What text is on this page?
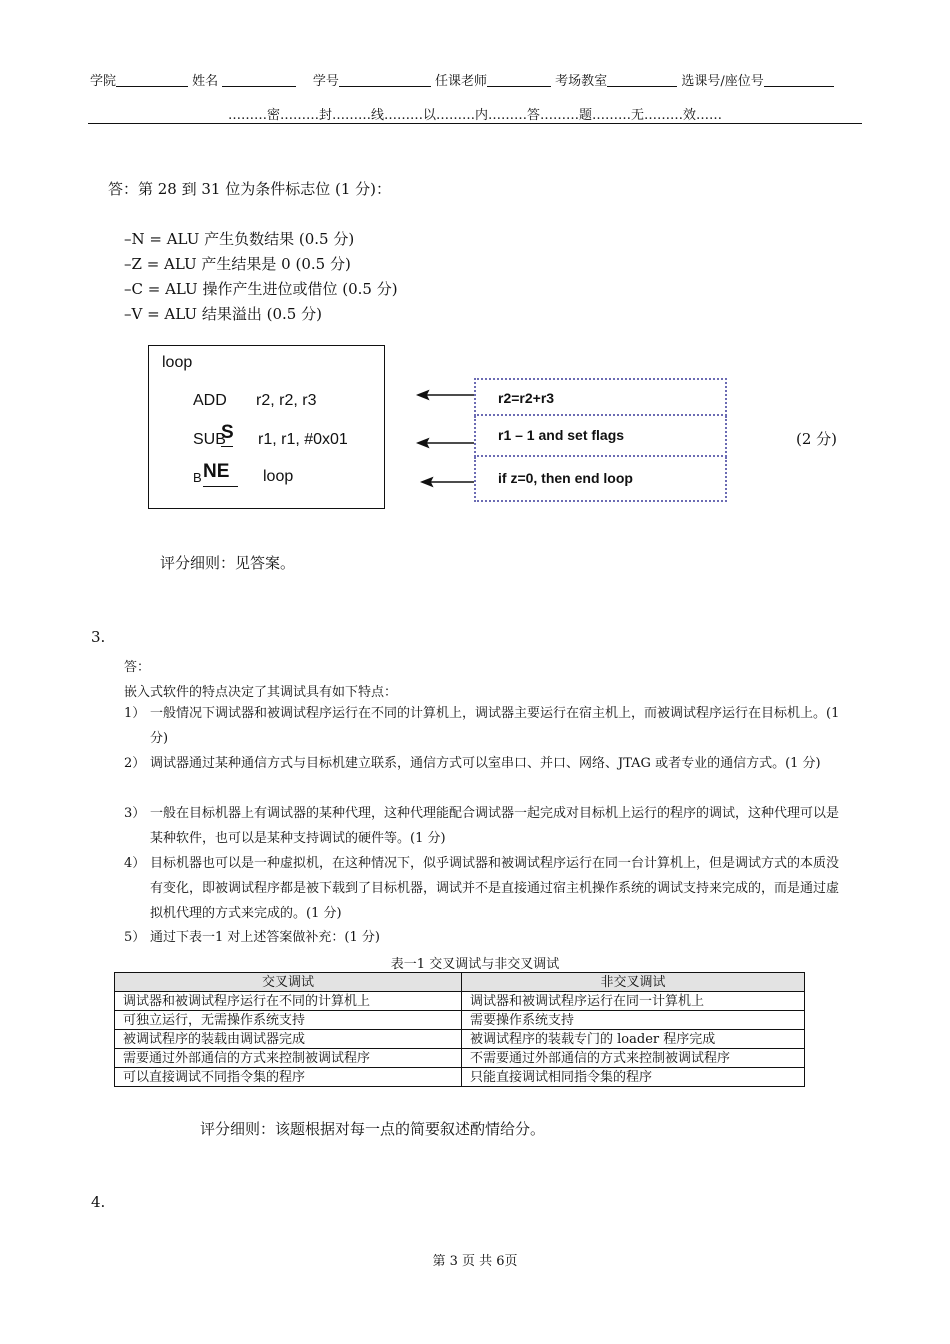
学院	姓名	学号	任课老师	考场教室	选课号/座位号
………密………封………线………以………内………答………题………无………效……
答：第 28 到 31 位为条件标志位 (1 分)：
–N = ALU 产生负数结果 (0.5 分)
–Z = ALU 产生结果是 0 (0.5 分)
–C = ALU 操作产生进位或借位 (0.5 分)
–V = ALU 结果溢出 (0.5 分)
loop
ADD r2, r2, r3
SUB
S r1, r1, #0x01
B NE loop
r2=r2+r3
r1 – 1 and set flags
if z=0, then end loop
(2 分)
评分细则：见答案。
3.
答：
嵌入式软件的特点决定了其调试具有如下特点：
1） 一般情况下调试器和被调试程序运行在不同的计算机上，调试器主要运行在宿主机上，而被调试程序运行在目标机上。(1 分)
2） 调试器通过某种通信方式与目标机建立联系，通信方式可以室串口、并口、网络、JTAG 或者专业的通信方式。(1 分)
3） 一般在目标机器上有调试器的某种代理，这种代理能配合调试器一起完成对目标机上运行的程序的调试，这种代理可以是某种软件，也可以是某种支持调试的硬件等。(1 分)
4） 目标机器也可以是一种虚拟机，在这种情况下，似乎调试器和被调试程序运行在同一台计算机上，但是调试方式的本质没有变化，即被调试程序都是被下载到了目标机器，调试并不是直接通过宿主机操作系统的调试支持来完成的，而是通过虚拟机代理的方式来完成的。(1 分)
5） 通过下表一1 对上述答案做补充：(1 分)
表一1 交叉调试与非交叉调试
交叉调试	非交叉调试
调试器和被调试程序运行在不同的计算机上	调试器和被调试程序运行在同一计算机上
可独立运行，无需操作系统支持	需要操作系统支持
被调试程序的装载由调试器完成	被调试程序的装载专门的 loader 程序完成
需要通过外部通信的方式来控制被调试程序	不需要通过外部通信的方式来控制被调试程序
可以直接调试不同指令集的程序	只能直接调试相同指令集的程序
评分细则：该题根据对每一点的简要叙述酌情给分。
4.
第 3 页 共 6页
